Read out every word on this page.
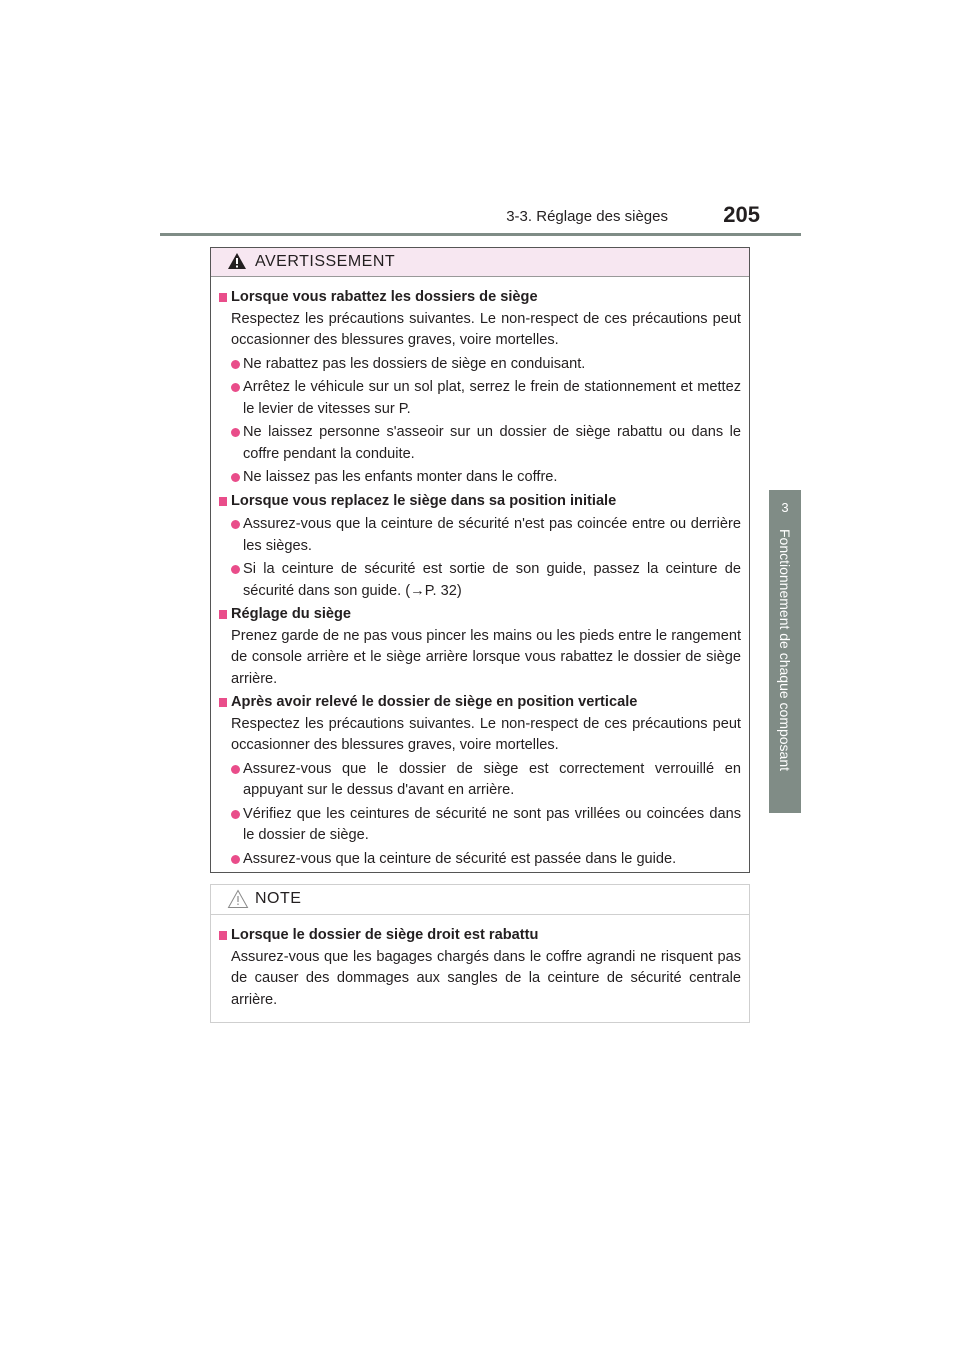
3-3. Réglage des sièges	205
3
Fonctionnement de chaque composant
AVERTISSEMENT
Lorsque vous rabattez les dossiers de siège
Respectez les précautions suivantes. Le non-respect de ces précautions peut occasionner des blessures graves, voire mortelles.
Ne rabattez pas les dossiers de siège en conduisant.
Arrêtez le véhicule sur un sol plat, serrez le frein de stationnement et mettez le levier de vitesses sur P.
Ne laissez personne s'asseoir sur un dossier de siège rabattu ou dans le coffre pendant la conduite.
Ne laissez pas les enfants monter dans le coffre.
Lorsque vous replacez le siège dans sa position initiale
Assurez-vous que la ceinture de sécurité n'est pas coincée entre ou derrière les sièges.
Si la ceinture de sécurité est sortie de son guide, passez la ceinture de sécurité dans son guide. (→P. 32)
Réglage du siège
Prenez garde de ne pas vous pincer les mains ou les pieds entre le rangement de console arrière et le siège arrière lorsque vous rabattez le dossier de siège arrière.
Après avoir relevé le dossier de siège en position verticale
Respectez les précautions suivantes. Le non-respect de ces précautions peut occasionner des blessures graves, voire mortelles.
Assurez-vous que le dossier de siège est correctement verrouillé en appuyant sur le dessus d'avant en arrière.
Vérifiez que les ceintures de sécurité ne sont pas vrillées ou coincées dans le dossier de siège.
Assurez-vous que la ceinture de sécurité est passée dans le guide.
NOTE
Lorsque le dossier de siège droit est rabattu
Assurez-vous que les bagages chargés dans le coffre agrandi ne risquent pas de causer des dommages aux sangles de la ceinture de sécurité centrale arrière.
